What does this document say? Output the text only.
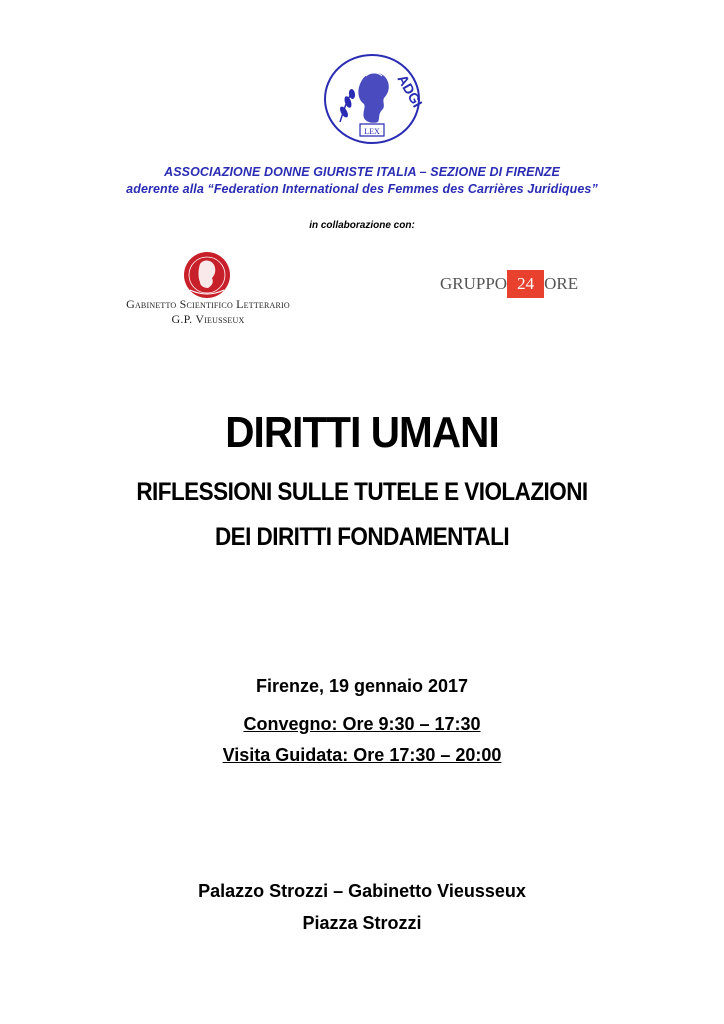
LEX
ADGI
ASSOCIAZIONE DONNE GIURISTE ITALIA – SEZIONE DI FIRENZE
aderente alla “Federation International des Femmes des Carrières Juridiques”
in collaborazione con:
Gabinetto Scientifico Letterario
G.P. Vieusseux
GRUPPO 24 ORE
DIRITTI UMANI
RIFLESSIONI SULLE TUTELE E VIOLAZIONI
DEI DIRITTI FONDAMENTALI
Firenze, 19 gennaio 2017
Convegno: Ore 9:30 – 17:30
Visita Guidata: Ore 17:30 – 20:00
Palazzo Strozzi – Gabinetto Vieusseux
Piazza Strozzi
